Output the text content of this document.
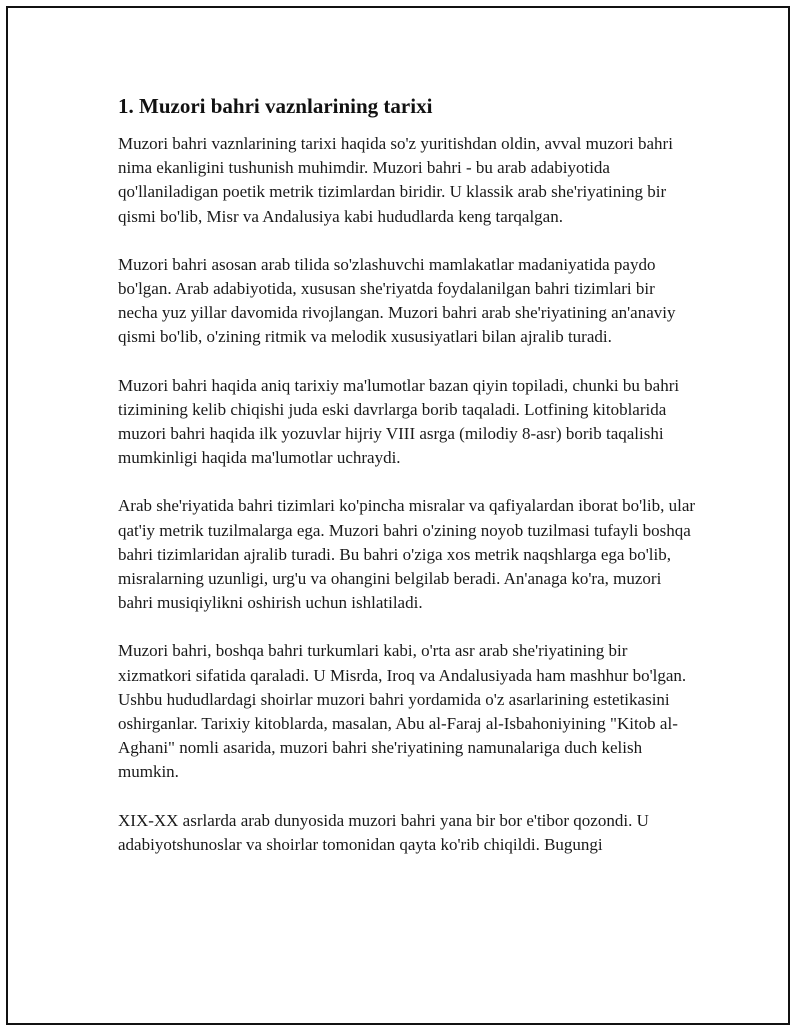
1. Muzori bahri vaznlarining tarixi

Muzori bahri vaznlarining tarixi haqida so'z yuritishdan oldin, avval muzori bahri nima ekanligini tushunish muhimdir. Muzori bahri - bu arab adabiyotida qo'llaniladigan poetik metrik tizimlardan biridir. U klassik arab she'riyatining bir qismi bo'lib, Misr va Andalusiya kabi hududlarda keng tarqalgan.

Muzori bahri asosan arab tilida so'zlashuvchi mamlakatlar madaniyatida paydo bo'lgan. Arab adabiyotida, xususan she'riyatda foydalanilgan bahri tizimlari bir necha yuz yillar davomida rivojlangan. Muzori bahri arab she'riyatining an'anaviy qismi bo'lib, o'zining ritmik va melodik xususiyatlari bilan ajralib turadi.

Muzori bahri haqida aniq tarixiy ma'lumotlar bazan qiyin topiladi, chunki bu bahri tizimining kelib chiqishi juda eski davrlarga borib taqaladi. Lotfining kitoblarida muzori bahri haqida ilk yozuvlar hijriy VIII asrga (milodiy 8-asr) borib taqalishi mumkinligi haqida ma'lumotlar uchraydi.

Arab she'riyatida bahri tizimlari ko'pincha misralar va qafiyalardan iborat bo'lib, ular qat'iy metrik tuzilmalarga ega. Muzori bahri o'zining noyob tuzilmasi tufayli boshqa bahri tizimlaridan ajralib turadi. Bu bahri o'ziga xos metrik naqshlarga ega bo'lib, misralarning uzunligi, urg'u va ohangini belgilab beradi. An'anaga ko'ra, muzori bahri musiqiylikni oshirish uchun ishlatiladi.

Muzori bahri, boshqa bahri turkumlari kabi, o'rta asr arab she'riyatining bir xizmatkori sifatida qaraladi. U Misrda, Iroq va Andalusiyada ham mashhur bo'lgan. Ushbu hududlardagi shoirlar muzori bahri yordamida o'z asarlarining estetikasini oshirganlar. Tarixiy kitoblarda, masalan, Abu al-Faraj al-Isbahoniyining "Kitob al-Aghani" nomli asarida, muzori bahri she'riyatining namunalariga duch kelish mumkin.

XIX-XX asrlarda arab dunyosida muzori bahri yana bir bor e'tibor qozondi. U adabiyotshunoslar va shoirlar tomonidan qayta ko'rib chiqildi. Bugungi
